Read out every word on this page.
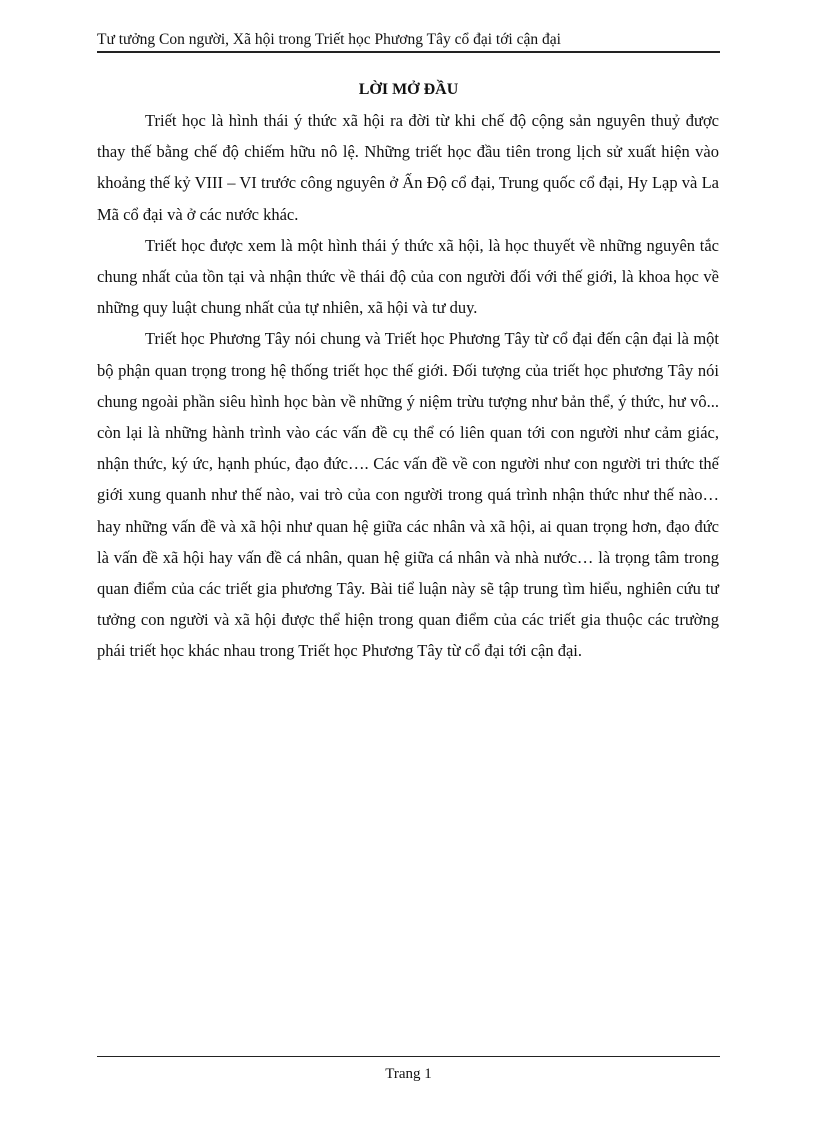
Tư tưởng Con người, Xã hội trong Triết học Phương Tây cổ đại tới cận đại
LỜI MỞ ĐẦU

Triết học là hình thái ý thức xã hội ra đời từ khi chế độ cộng sản nguyên thuỷ được thay thế bằng chế độ chiếm hữu nô lệ. Những triết học đầu tiên trong lịch sử xuất hiện vào khoảng thế kỷ VIII – VI trước công nguyên ở Ấn Độ cổ đại, Trung quốc cổ đại, Hy Lạp và La Mã cổ đại và ở các nước khác.

Triết học được xem là một hình thái ý thức xã hội, là học thuyết về những nguyên tắc chung nhất của tồn tại và nhận thức về thái độ của con người đối với thế giới, là khoa học về những quy luật chung nhất của tự nhiên, xã hội và tư duy.

Triết học Phương Tây nói chung và Triết học Phương Tây từ cổ đại đến cận đại là một bộ phận quan trọng trong hệ thống triết học thế giới. Đối tượng của triết học phương Tây nói chung ngoài phần siêu hình học bàn về những ý niệm trừu tượng như bản thể, ý thức, hư vô... còn lại là những hành trình vào các vấn đề cụ thể có liên quan tới con người như cảm giác, nhận thức, ký ức, hạnh phúc, đạo đức…. Các vấn đề về con người như con người tri thức thế giới xung quanh như thế nào, vai trò của con người trong quá trình nhận thức như thế nào… hay những vấn đề và xã hội như quan hệ giữa các nhân và xã hội, ai quan trọng hơn, đạo đức là vấn đề xã hội hay vấn đề cá nhân, quan hệ giữa cá nhân và nhà nước… là trọng tâm trong quan điểm của các triết gia phương Tây. Bài tiể luận này sẽ tập trung tìm hiểu, nghiên cứu tư tưởng con người và xã hội được thể hiện trong quan điểm của các triết gia thuộc các trường phái triết học khác nhau trong Triết học Phương Tây từ cổ đại tới cận đại.

Trang 1
